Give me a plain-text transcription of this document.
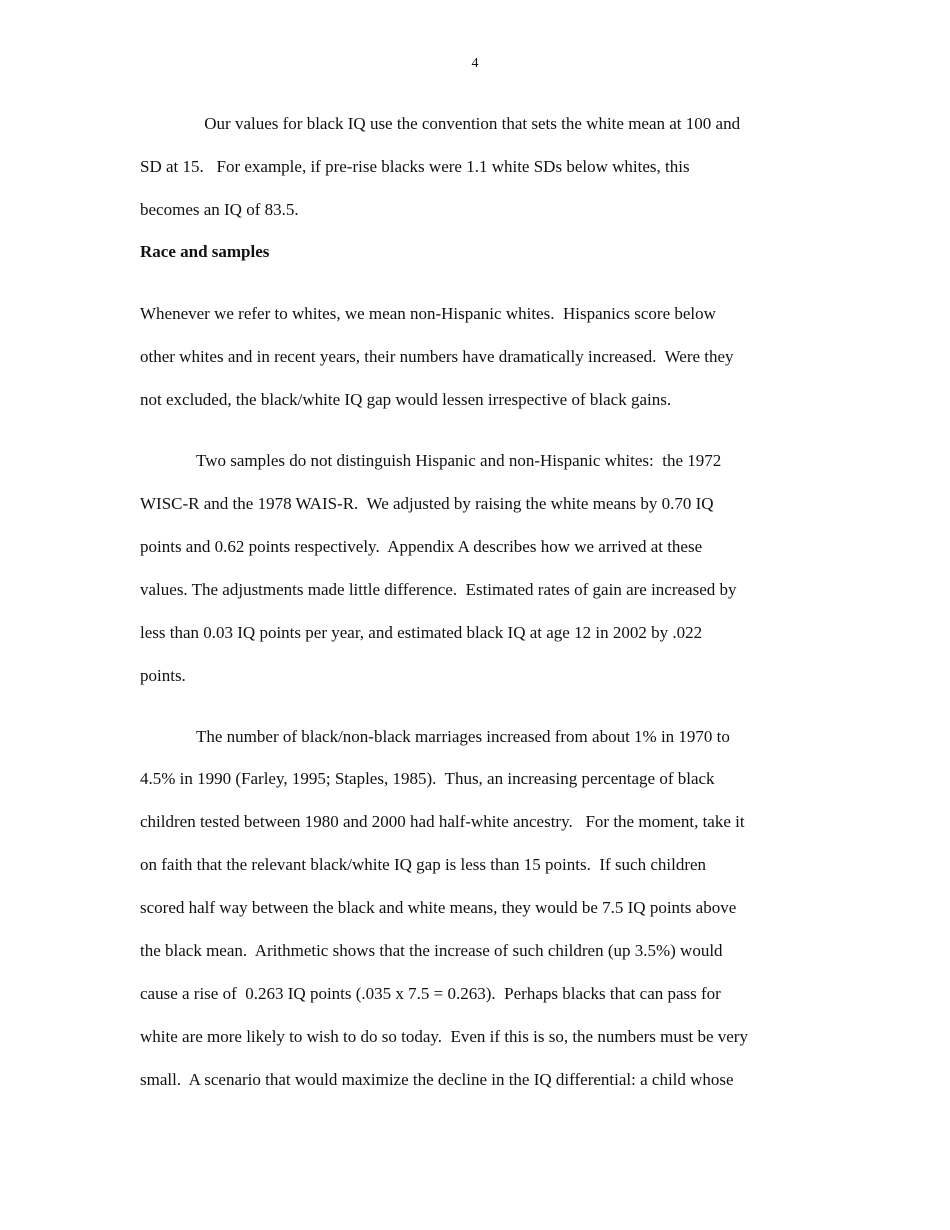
4
Our values for black IQ use the convention that sets the white mean at 100 and
SD at 15.   For example, if pre-rise blacks were 1.1 white SDs below whites, this
becomes an IQ of 83.5.
Race and samples
Whenever we refer to whites, we mean non-Hispanic whites.  Hispanics score below
other whites and in recent years, their numbers have dramatically increased.  Were they
not excluded, the black/white IQ gap would lessen irrespective of black gains.
Two samples do not distinguish Hispanic and non-Hispanic whites:  the 1972
WISC-R and the 1978 WAIS-R.  We adjusted by raising the white means by 0.70 IQ
points and 0.62 points respectively.  Appendix A describes how we arrived at these
values. The adjustments made little difference.  Estimated rates of gain are increased by
less than 0.03 IQ points per year, and estimated black IQ at age 12 in 2002 by .022
points.
The number of black/non-black marriages increased from about 1% in 1970 to
4.5% in 1990 (Farley, 1995; Staples, 1985).  Thus, an increasing percentage of black
children tested between 1980 and 2000 had half-white ancestry.   For the moment, take it
on faith that the relevant black/white IQ gap is less than 15 points.  If such children
scored half way between the black and white means, they would be 7.5 IQ points above
the black mean.  Arithmetic shows that the increase of such children (up 3.5%) would
cause a rise of  0.263 IQ points (.035 x 7.5 = 0.263).  Perhaps blacks that can pass for
white are more likely to wish to do so today.  Even if this is so, the numbers must be very
small.  A scenario that would maximize the decline in the IQ differential: a child whose
